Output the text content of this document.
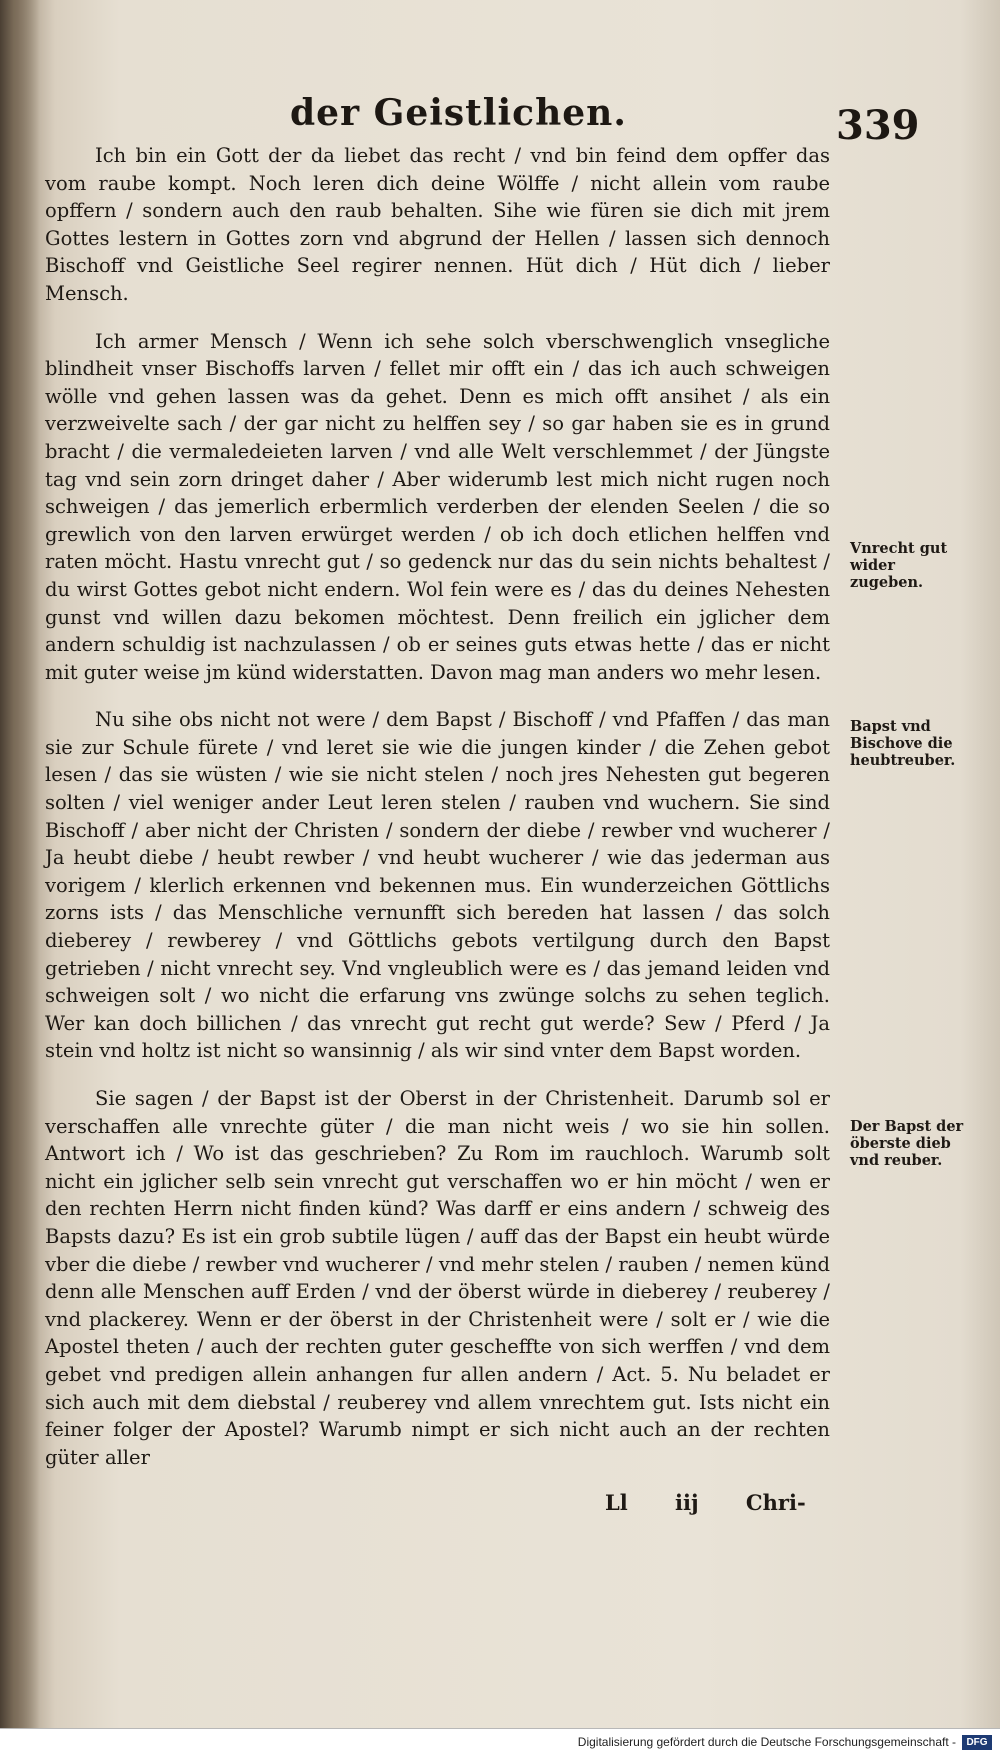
der Geistlichen.	339

Ich bin ein Gott der da liebet das recht / vnd bin feind dem opffer das vom raube kompt. Noch leren dich deine Wölffe / nicht allein vom raube opffern / sondern auch den raub behalten. Sihe wie füren sie dich mit jrem Gottes lestern in Gottes zorn vnd abgrund der Hellen / lassen sich dennoch Bischoff vnd Geistliche Seel regirer nennen. Hüt dich / Hüt dich / lieber Mensch.

Ich armer Mensch / Wenn ich sehe solch vberschwenglich vnsegliche blindheit vnser Bischoffs larven / fellet mir offt ein / das ich auch schweigen wölle vnd gehen lassen was da gehet. Denn es mich offt ansihet / als ein verzweivelte sach / der gar nicht zu helffen sey / so gar haben sie es in grund bracht / die vermaledeieten larven / vnd alle Welt verschlemmet / der Jüngste tag vnd sein zorn dringet daher / Aber widerumb lest mich nicht rugen noch schweigen / das jemerlich erbermlich verderben der elenden Seelen / die so grewlich von den larven erwürget werden / ob ich doch etlichen helffen vnd raten möcht. Hastu vnrecht gut / so gedenck nur das du sein nichts behaltest / du wirst Gottes gebot nicht endern. Wol fein were es / das du deines Nehesten gunst vnd willen dazu bekomen möchtest. Denn freilich ein jglicher dem andern schuldig ist nachzulassen / ob er seines guts etwas hette / das er nicht mit guter weise jm künd widerstatten. Davon mag man anders wo mehr lesen.

Nu sihe obs nicht not were / dem Bapst / Bischoff / vnd Pfaffen / das man sie zur Schule fürete / vnd leret sie wie die jungen kinder / die Zehen gebot lesen / das sie wüsten / wie sie nicht stelen / noch jres Nehesten gut begeren solten / viel weniger ander Leut leren stelen / rauben vnd wuchern. Sie sind Bischoff / aber nicht der Christen / sondern der diebe / rewber vnd wucherer / Ja heubt diebe / heubt rewber / vnd heubt wucherer / wie das jederman aus vorigem / klerlich erkennen vnd bekennen mus. Ein wunderzeichen Göttlichs zorns ists / das Menschliche vernunfft sich bereden hat lassen / das solch dieberey / rewberey / vnd Göttlichs gebots vertilgung durch den Bapst getrieben / nicht vnrecht sey. Vnd vngleublich were es / das jemand leiden vnd schweigen solt / wo nicht die erfarung vns zwünge solchs zu sehen teglich. Wer kan doch billichen / das vnrecht gut recht gut werde? Sew / Pferd / Ja stein vnd holtz ist nicht so wansinnig / als wir sind vnter dem Bapst worden.

Sie sagen / der Bapst ist der Oberst in der Christenheit. Darumb sol er verschaffen alle vnrechte güter / die man nicht weis / wo sie hin sollen. Antwort ich / Wo ist das geschrieben? Zu Rom im rauchloch. Warumb solt nicht ein jglicher selb sein vnrecht gut verschaffen wo er hin möcht / wen er den rechten Herrn nicht finden künd? Was darff er eins andern / schweig des Bapsts dazu? Es ist ein grob subtile lügen / auff das der Bapst ein heubt würde vber die diebe / rewber vnd wucherer / vnd mehr stelen / rauben / nemen künd denn alle Menschen auff Erden / vnd der öberst würde in dieberey / reuberey / vnd plackerey. Wenn er der öberst in der Christenheit were / solt er / wie die Apostel theten / auch der rechten guter gescheffte von sich werffen / vnd dem gebet vnd predigen allein anhangen fur allen andern / Act. 5. Nu beladet er sich auch mit dem diebstal / reuberey vnd allem vnrechtem gut. Ists nicht ein feiner folger der Apostel? Warumb nimpt er sich nicht auch an der rechten güter aller

Vnrecht gut wider zugeben.
Bapst vnd Bischove die heubtreuber.
Der Bapst der öberste dieb vnd reuber.
Ll iij Chri-
Digitalisierung gefördert durch die Deutsche Forschungsgemeinschaft -	DFG
